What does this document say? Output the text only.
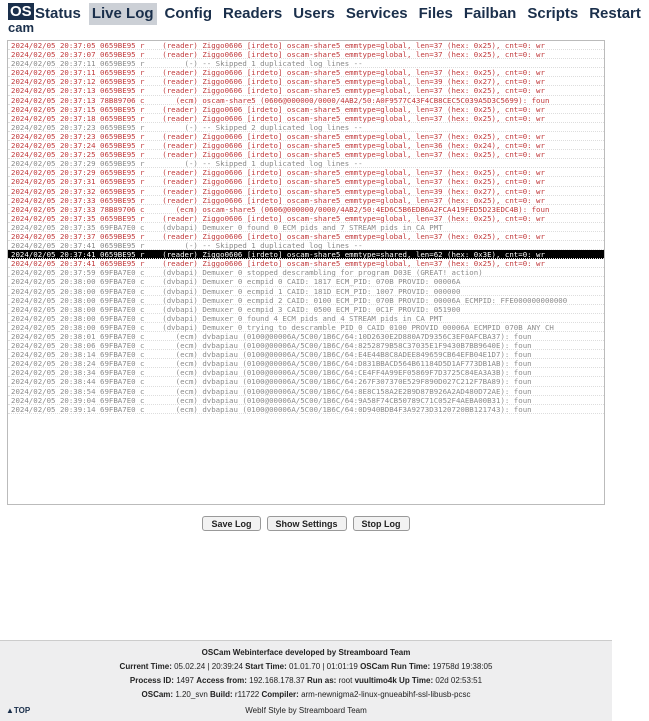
OS
cam
Status Live Log Config Readers Users Services Files Failban Scripts Restart
2024/02/05 20:37:05 0659BE95 r    (reader) Ziggo0606 [irdeto] oscam-share5 emmtype=global, len=37 (hex: 0x25), cnt=0: wr
2024/02/05 20:37:07 0659BE95 r    (reader) Ziggo0606 [irdeto] oscam-share5 emmtype=global, len=37 (hex: 0x25), cnt=0: wr
2024/02/05 20:37:11 0659BE95 r         (-) -- Skipped 1 duplicated log lines --
2024/02/05 20:37:11 0659BE95 r    (reader) Ziggo0606 [irdeto] oscam-share5 emmtype=global, len=37 (hex: 0x25), cnt=0: wr
2024/02/05 20:37:12 0659BE95 r    (reader) Ziggo0606 [irdeto] oscam-share5 emmtype=global, len=39 (hex: 0x27), cnt=0: wr
2024/02/05 20:37:13 0659BE95 r    (reader) Ziggo0606 [irdeto] oscam-share5 emmtype=global, len=37 (hex: 0x25), cnt=0: wr
2024/02/05 20:37:13 78B89706 c       (ecm) oscam-share5 (0606@000000/0000/4AB2/50:A0F9577C43F4CB8CEC5C039A5D3C5699): foun
2024/02/05 20:37:15 0659BE95 r    (reader) Ziggo0606 [irdeto] oscam-share5 emmtype=global, len=37 (hex: 0x25), cnt=0: wr
2024/02/05 20:37:18 0659BE95 r    (reader) Ziggo0606 [irdeto] oscam-share5 emmtype=global, len=37 (hex: 0x25), cnt=0: wr
2024/02/05 20:37:23 0659BE95 r         (-) -- Skipped 2 duplicated log lines --
2024/02/05 20:37:23 0659BE95 r    (reader) Ziggo0606 [irdeto] oscam-share5 emmtype=global, len=37 (hex: 0x25), cnt=0: wr
2024/02/05 20:37:24 0659BE95 r    (reader) Ziggo0606 [irdeto] oscam-share5 emmtype=global, len=36 (hex: 0x24), cnt=0: wr
2024/02/05 20:37:25 0659BE95 r    (reader) Ziggo0606 [irdeto] oscam-share5 emmtype=global, len=37 (hex: 0x25), cnt=0: wr
2024/02/05 20:37:29 0659BE95 r         (-) -- Skipped 1 duplicated log lines --
2024/02/05 20:37:29 0659BE95 r    (reader) Ziggo0606 [irdeto] oscam-share5 emmtype=global, len=37 (hex: 0x25), cnt=0: wr
2024/02/05 20:37:31 0659BE95 r    (reader) Ziggo0606 [irdeto] oscam-share5 emmtype=global, len=37 (hex: 0x25), cnt=0: wr
2024/02/05 20:37:32 0659BE95 r    (reader) Ziggo0606 [irdeto] oscam-share5 emmtype=global, len=39 (hex: 0x27), cnt=0: wr
2024/02/05 20:37:33 0659BE95 r    (reader) Ziggo0606 [irdeto] oscam-share5 emmtype=global, len=37 (hex: 0x25), cnt=0: wr
2024/02/05 20:37:33 78B89706 c       (ecm) oscam-share5 (0606@000000/0000/4AB2/50:4ED6C5B6EDB6A2FCA419FED5D23EDC4B): foun
2024/02/05 20:37:35 0659BE95 r    (reader) Ziggo0606 [irdeto] oscam-share5 emmtype=global, len=37 (hex: 0x25), cnt=0: wr
2024/02/05 20:37:35 69FBA7E0 c    (dvbapi) Demuxer 0 found 0 ECM pids and 7 STREAM pids in CA PMT
2024/02/05 20:37:37 0659BE95 r    (reader) Ziggo0606 [irdeto] oscam-share5 emmtype=global, len=37 (hex: 0x25), cnt=0: wr
2024/02/05 20:37:41 0659BE95 r         (-) -- Skipped 1 duplicated log lines --
2024/02/05 20:37:41 0659BE95 r    (reader) Ziggo0606 [irdeto] oscam-share5 emmtype=shared, len=62 (hex: 0x3E), cnt=0: wr
2024/02/05 20:37:41 0659BE95 r    (reader) Ziggo0606 [irdeto] oscam-share5 emmtype=global, len=37 (hex: 0x25), cnt=0: wr
2024/02/05 20:37:59 69FBA7E0 c    (dvbapi) Demuxer 0 stopped descrambling for program D03E (GREAT! action)
2024/02/05 20:38:00 69FBA7E0 c    (dvbapi) Demuxer 0 ecmpid 0 CAID: 1817 ECM_PID: 070B PROVID: 00006A
2024/02/05 20:38:00 69FBA7E0 c    (dvbapi) Demuxer 0 ecmpid 1 CAID: 181D ECM_PID: 1007 PROVID: 000000
2024/02/05 20:38:00 69FBA7E0 c    (dvbapi) Demuxer 0 ecmpid 2 CAID: 0100 ECM_PID: 070B PROVID: 00006A ECMPID: FFE000000000000
2024/02/05 20:38:00 69FBA7E0 c    (dvbapi) Demuxer 0 ecmpid 3 CAID: 0500 ECM_PID: 0C1F PROVID: 051900
2024/02/05 20:38:00 69FBA7E0 c    (dvbapi) Demuxer 0 found 4 ECM pids and 4 STREAM pids in CA PMT
2024/02/05 20:38:00 69FBA7E0 c    (dvbapi) Demuxer 0 trying to descramble PID 0 CAID 0100 PROVID 00006A ECMPID 070B ANY CH
2024/02/05 20:38:01 69FBA7E0 c       (ecm) dvbapiau (0100@00006A/5C00/1B6C/64:10D2630E2D880A7D9356C3EF0AFCBA37): foun
2024/02/05 20:38:06 69FBA7E0 c       (ecm) dvbapiau (0100@00006A/5C00/1B6C/64:8252879B58C37035E1F9430B7BB9640E): foun
2024/02/05 20:38:14 69FBA7E0 c       (ecm) dvbapiau (0100@00006A/5C00/1B6C/64:E4E44B8C8ADEE849659CB64EFB04E1D7): foun
2024/02/05 20:38:24 69FBA7E0 c       (ecm) dvbapiau (0100@00006A/5C00/1B6C/64:D831BBACD564B61184D5D1AF773DB1AB): foun
2024/02/05 20:38:34 69FBA7E0 c       (ecm) dvbapiau (0100@00006A/5C00/1B6C/64:CE4FF4A99EF05869F7D3725C84EA3A3B): foun
2024/02/05 20:38:44 69FBA7E0 c       (ecm) dvbapiau (0100@00006A/5C00/1B6C/64:267F307370E529F890D027C212F7BA89): foun
2024/02/05 20:38:54 69FBA7E0 c       (ecm) dvbapiau (0100@00006A/5C00/1B6C/64:8E8C158A2E2B9D87B926A2AD480D72AE): foun
2024/02/05 20:39:04 69FBA7E0 c       (ecm) dvbapiau (0100@00006A/5C00/1B6C/64:9A58F74CB50789C71C052F4AEBA00B31): foun
2024/02/05 20:39:14 69FBA7E0 c       (ecm) dvbapiau (0100@00006A/5C00/1B6C/64:0D940BDB4F3A9273D3120720BB121743): foun
Save Log	Show Settings	Stop Log
OSCam Webinterface developed by Streamboard Team
Current Time: 05.02.24 | 20:39:24 Start Time: 01.01.70 | 01:01:19 OSCam Run Time: 19758d 19:38:05
Process ID: 1497 Access from: 192.168.178.37 Run as: root vuultimo4k Up Time: 02d 02:53:51
OSCam: 1.20_svn Build: r11722 Compiler: arm-newnigma2-linux-gnueabihf-ssl-libusb-pcsc
WebIf Style by Streamboard Team
▲TOP
